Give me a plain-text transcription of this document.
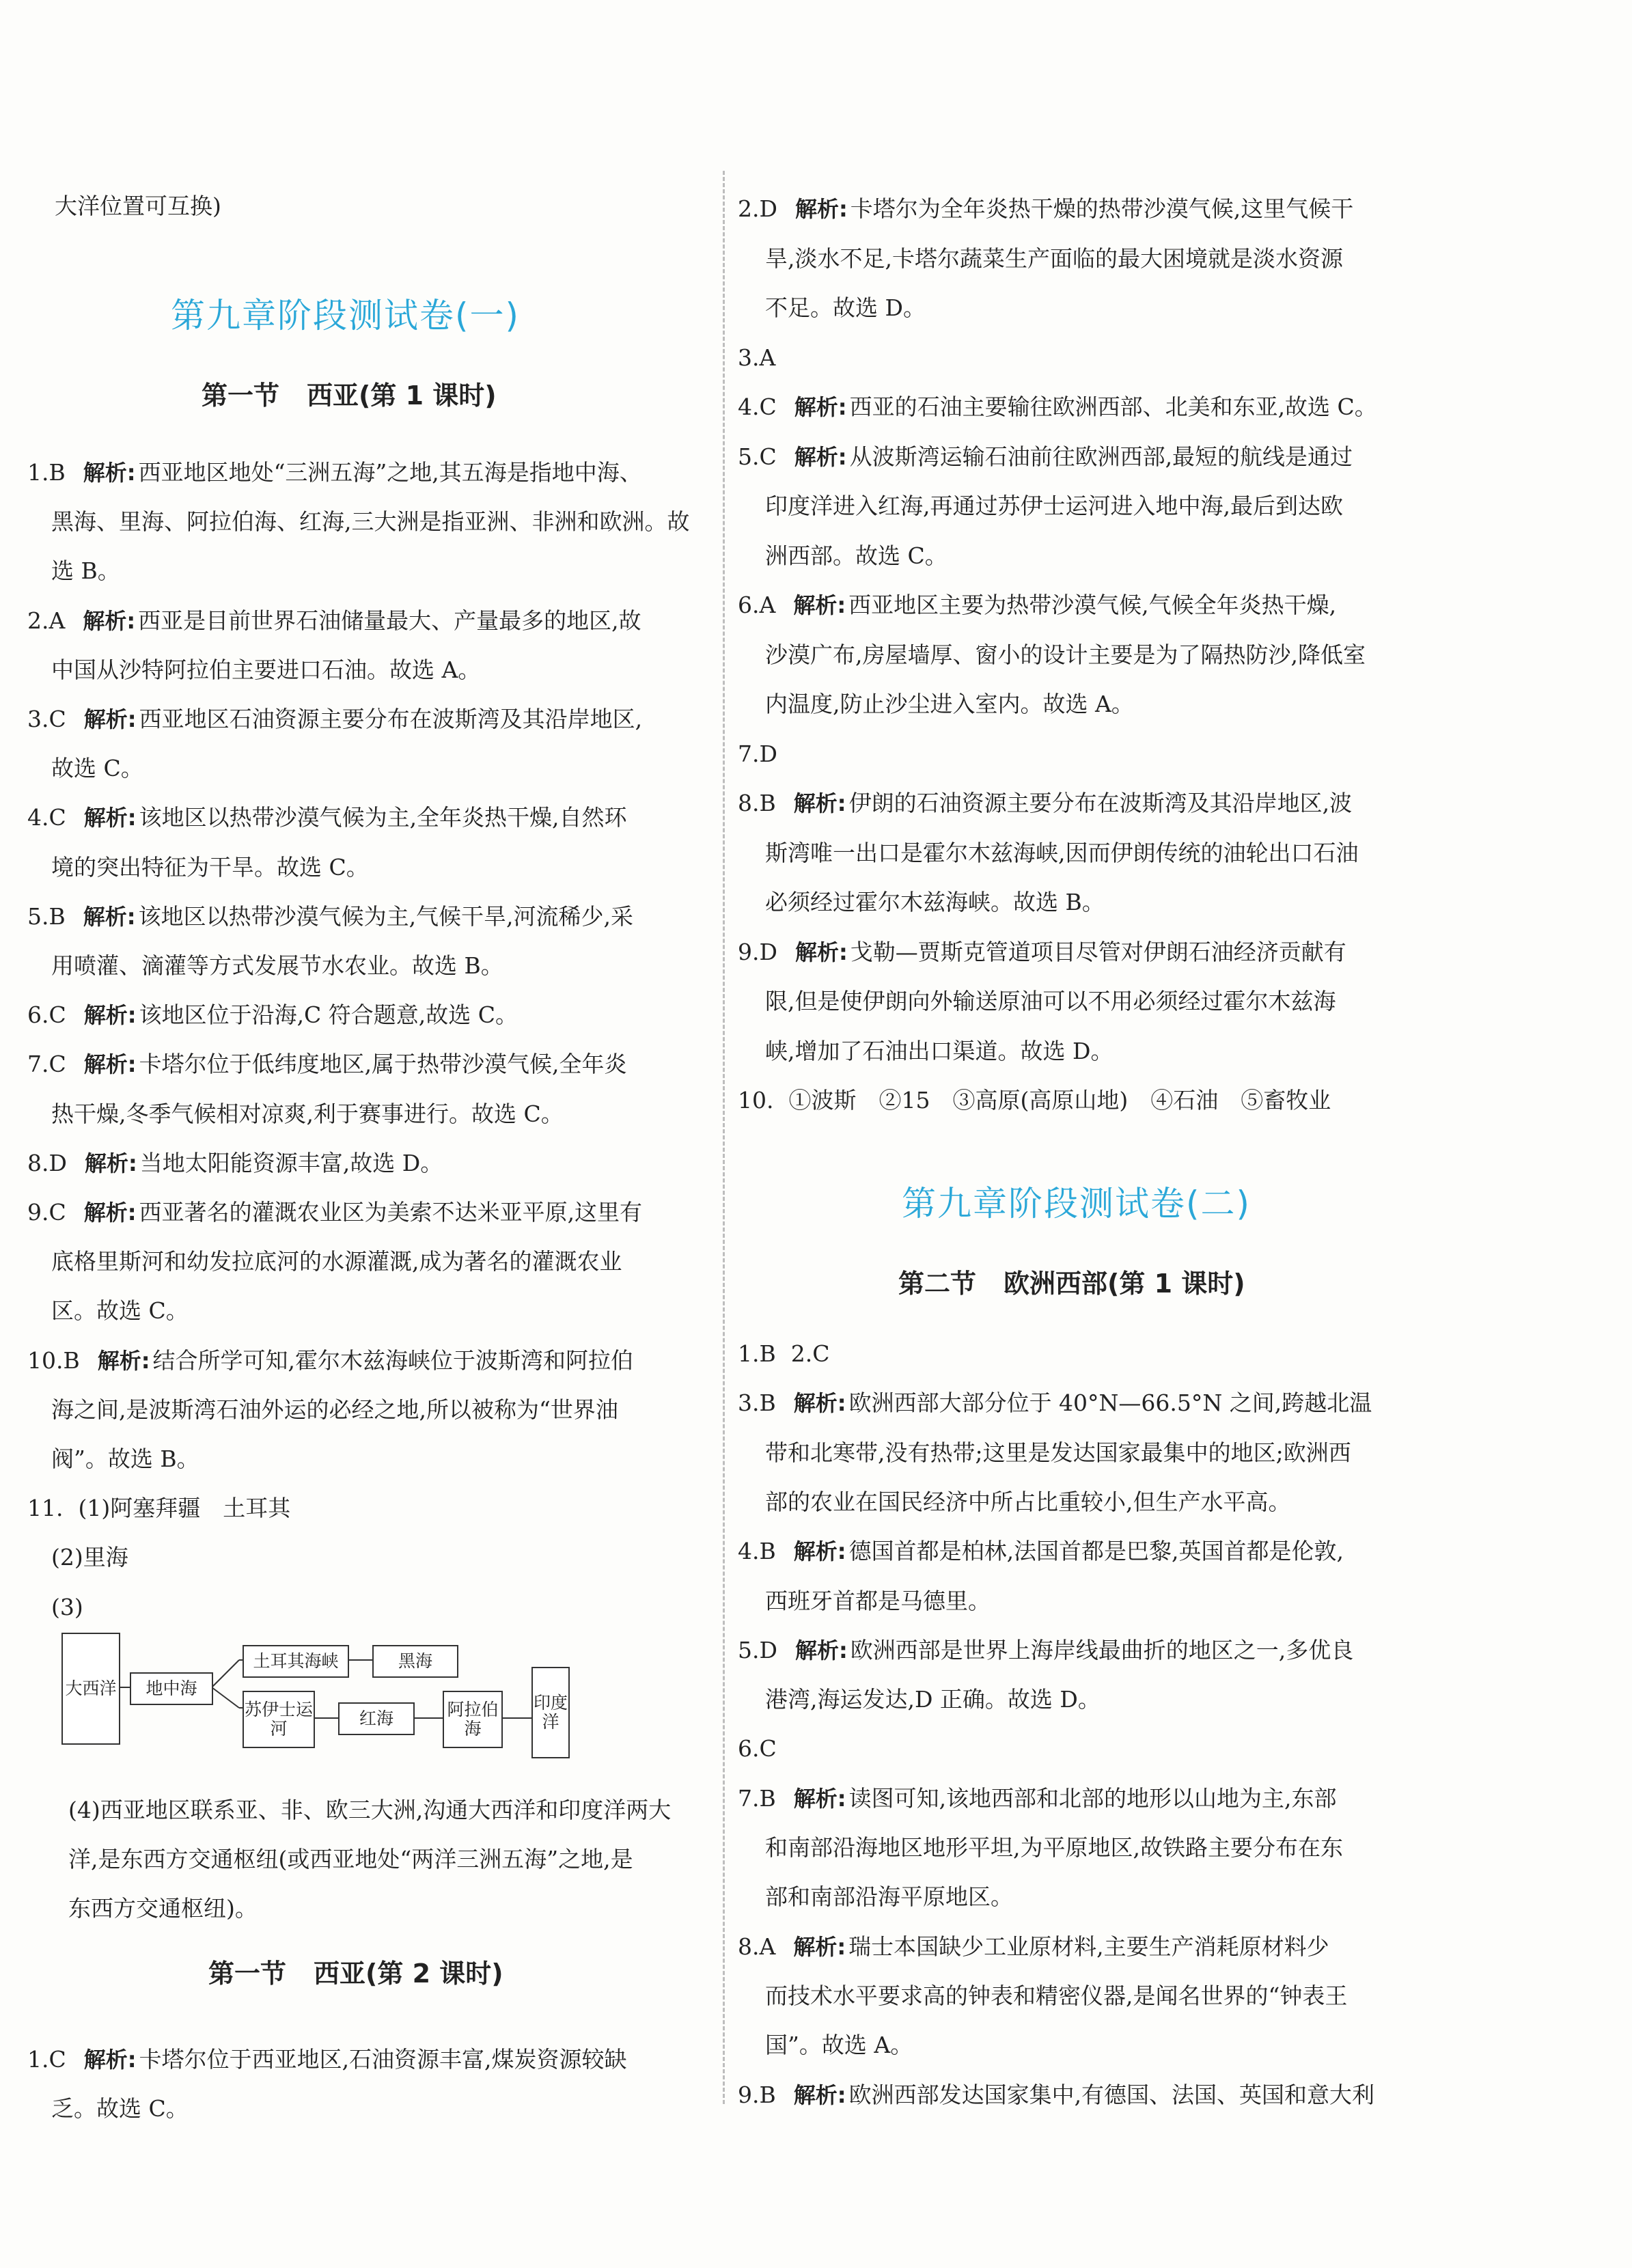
大洋位置可互换)
第九章阶段测试卷(一)
第一节 西亚(第 1 课时)
1.B 解析: 西亚地区地处“三洲五海”之地,其五海是指地中海、
黑海、里海、阿拉伯海、红海,三大洲是指亚洲、非洲和欧洲。故
选 B。
2.A 解析: 西亚是目前世界石油储量最大、产量最多的地区,故
中国从沙特阿拉伯主要进口石油。故选 A。
3.C 解析: 西亚地区石油资源主要分布在波斯湾及其沿岸地区,
故选 C。
4.C 解析: 该地区以热带沙漠气候为主,全年炎热干燥,自然环
境的突出特征为干旱。故选 C。
5.B 解析: 该地区以热带沙漠气候为主,气候干旱,河流稀少,采
用喷灌、滴灌等方式发展节水农业。故选 B。
6.C 解析: 该地区位于沿海,C 符合题意,故选 C。
7.C 解析: 卡塔尔位于低纬度地区,属于热带沙漠气候,全年炎
热干燥,冬季气候相对凉爽,利于赛事进行。故选 C。
8.D 解析: 当地太阳能资源丰富,故选 D。
9.C 解析: 西亚著名的灌溉农业区为美索不达米亚平原,这里有
底格里斯河和幼发拉底河的水源灌溉,成为著名的灌溉农业
区。故选 C。
10.B 解析: 结合所学可知,霍尔木兹海峡位于波斯湾和阿拉伯
海之间,是波斯湾石油外运的必经之地,所以被称为“世界油
阀”。故选 B。
11. (1)阿塞拜疆　土耳其
(2)里海
(3)
大西洋	地中海
土耳其海峡	黑海
苏伊士运河
红海	阿拉伯海
印度洋
(4)西亚地区联系亚、非、欧三大洲,沟通大西洋和印度洋两大
洋,是东西方交通枢纽(或西亚地处“两洋三洲五海”之地,是
东西方交通枢纽)。
第一节 西亚(第 2 课时)
1.C 解析: 卡塔尔位于西亚地区,石油资源丰富,煤炭资源较缺
乏。故选 C。
2.D 解析: 卡塔尔为全年炎热干燥的热带沙漠气候,这里气候干
旱,淡水不足,卡塔尔蔬菜生产面临的最大困境就是淡水资源
不足。故选 D。
3.A
4.C 解析: 西亚的石油主要输往欧洲西部、北美和东亚,故选 C。
5.C 解析: 从波斯湾运输石油前往欧洲西部,最短的航线是通过
印度洋进入红海,再通过苏伊士运河进入地中海,最后到达欧
洲西部。故选 C。
6.A 解析: 西亚地区主要为热带沙漠气候,气候全年炎热干燥,
沙漠广布,房屋墙厚、窗小的设计主要是为了隔热防沙,降低室
内温度,防止沙尘进入室内。故选 A。
7.D
8.B 解析: 伊朗的石油资源主要分布在波斯湾及其沿岸地区,波
斯湾唯一出口是霍尔木兹海峡,因而伊朗传统的油轮出口石油
必须经过霍尔木兹海峡。故选 B。
9.D 解析: 戈勒—贾斯克管道项目尽管对伊朗石油经济贡献有
限,但是使伊朗向外输送原油可以不用必须经过霍尔木兹海
峡,增加了石油出口渠道。故选 D。
10. ①波斯　②15　③高原(高原山地)　④石油　⑤畜牧业
第九章阶段测试卷(二)
第二节 欧洲西部(第 1 课时)
1.B 2.C
3.B 解析: 欧洲西部大部分位于 40°N—66.5°N 之间,跨越北温
带和北寒带,没有热带;这里是发达国家最集中的地区;欧洲西
部的农业在国民经济中所占比重较小,但生产水平高。
4.B 解析: 德国首都是柏林,法国首都是巴黎,英国首都是伦敦,
西班牙首都是马德里。
5.D 解析: 欧洲西部是世界上海岸线最曲折的地区之一,多优良
港湾,海运发达,D 正确。故选 D。
6.C
7.B 解析: 读图可知,该地西部和北部的地形以山地为主,东部
和南部沿海地区地形平坦,为平原地区,故铁路主要分布在东
部和南部沿海平原地区。
8.A 解析: 瑞士本国缺少工业原材料,主要生产消耗原材料少
而技术水平要求高的钟表和精密仪器,是闻名世界的“钟表王
国”。故选 A。
9.B 解析: 欧洲西部发达国家集中,有德国、法国、英国和意大利
